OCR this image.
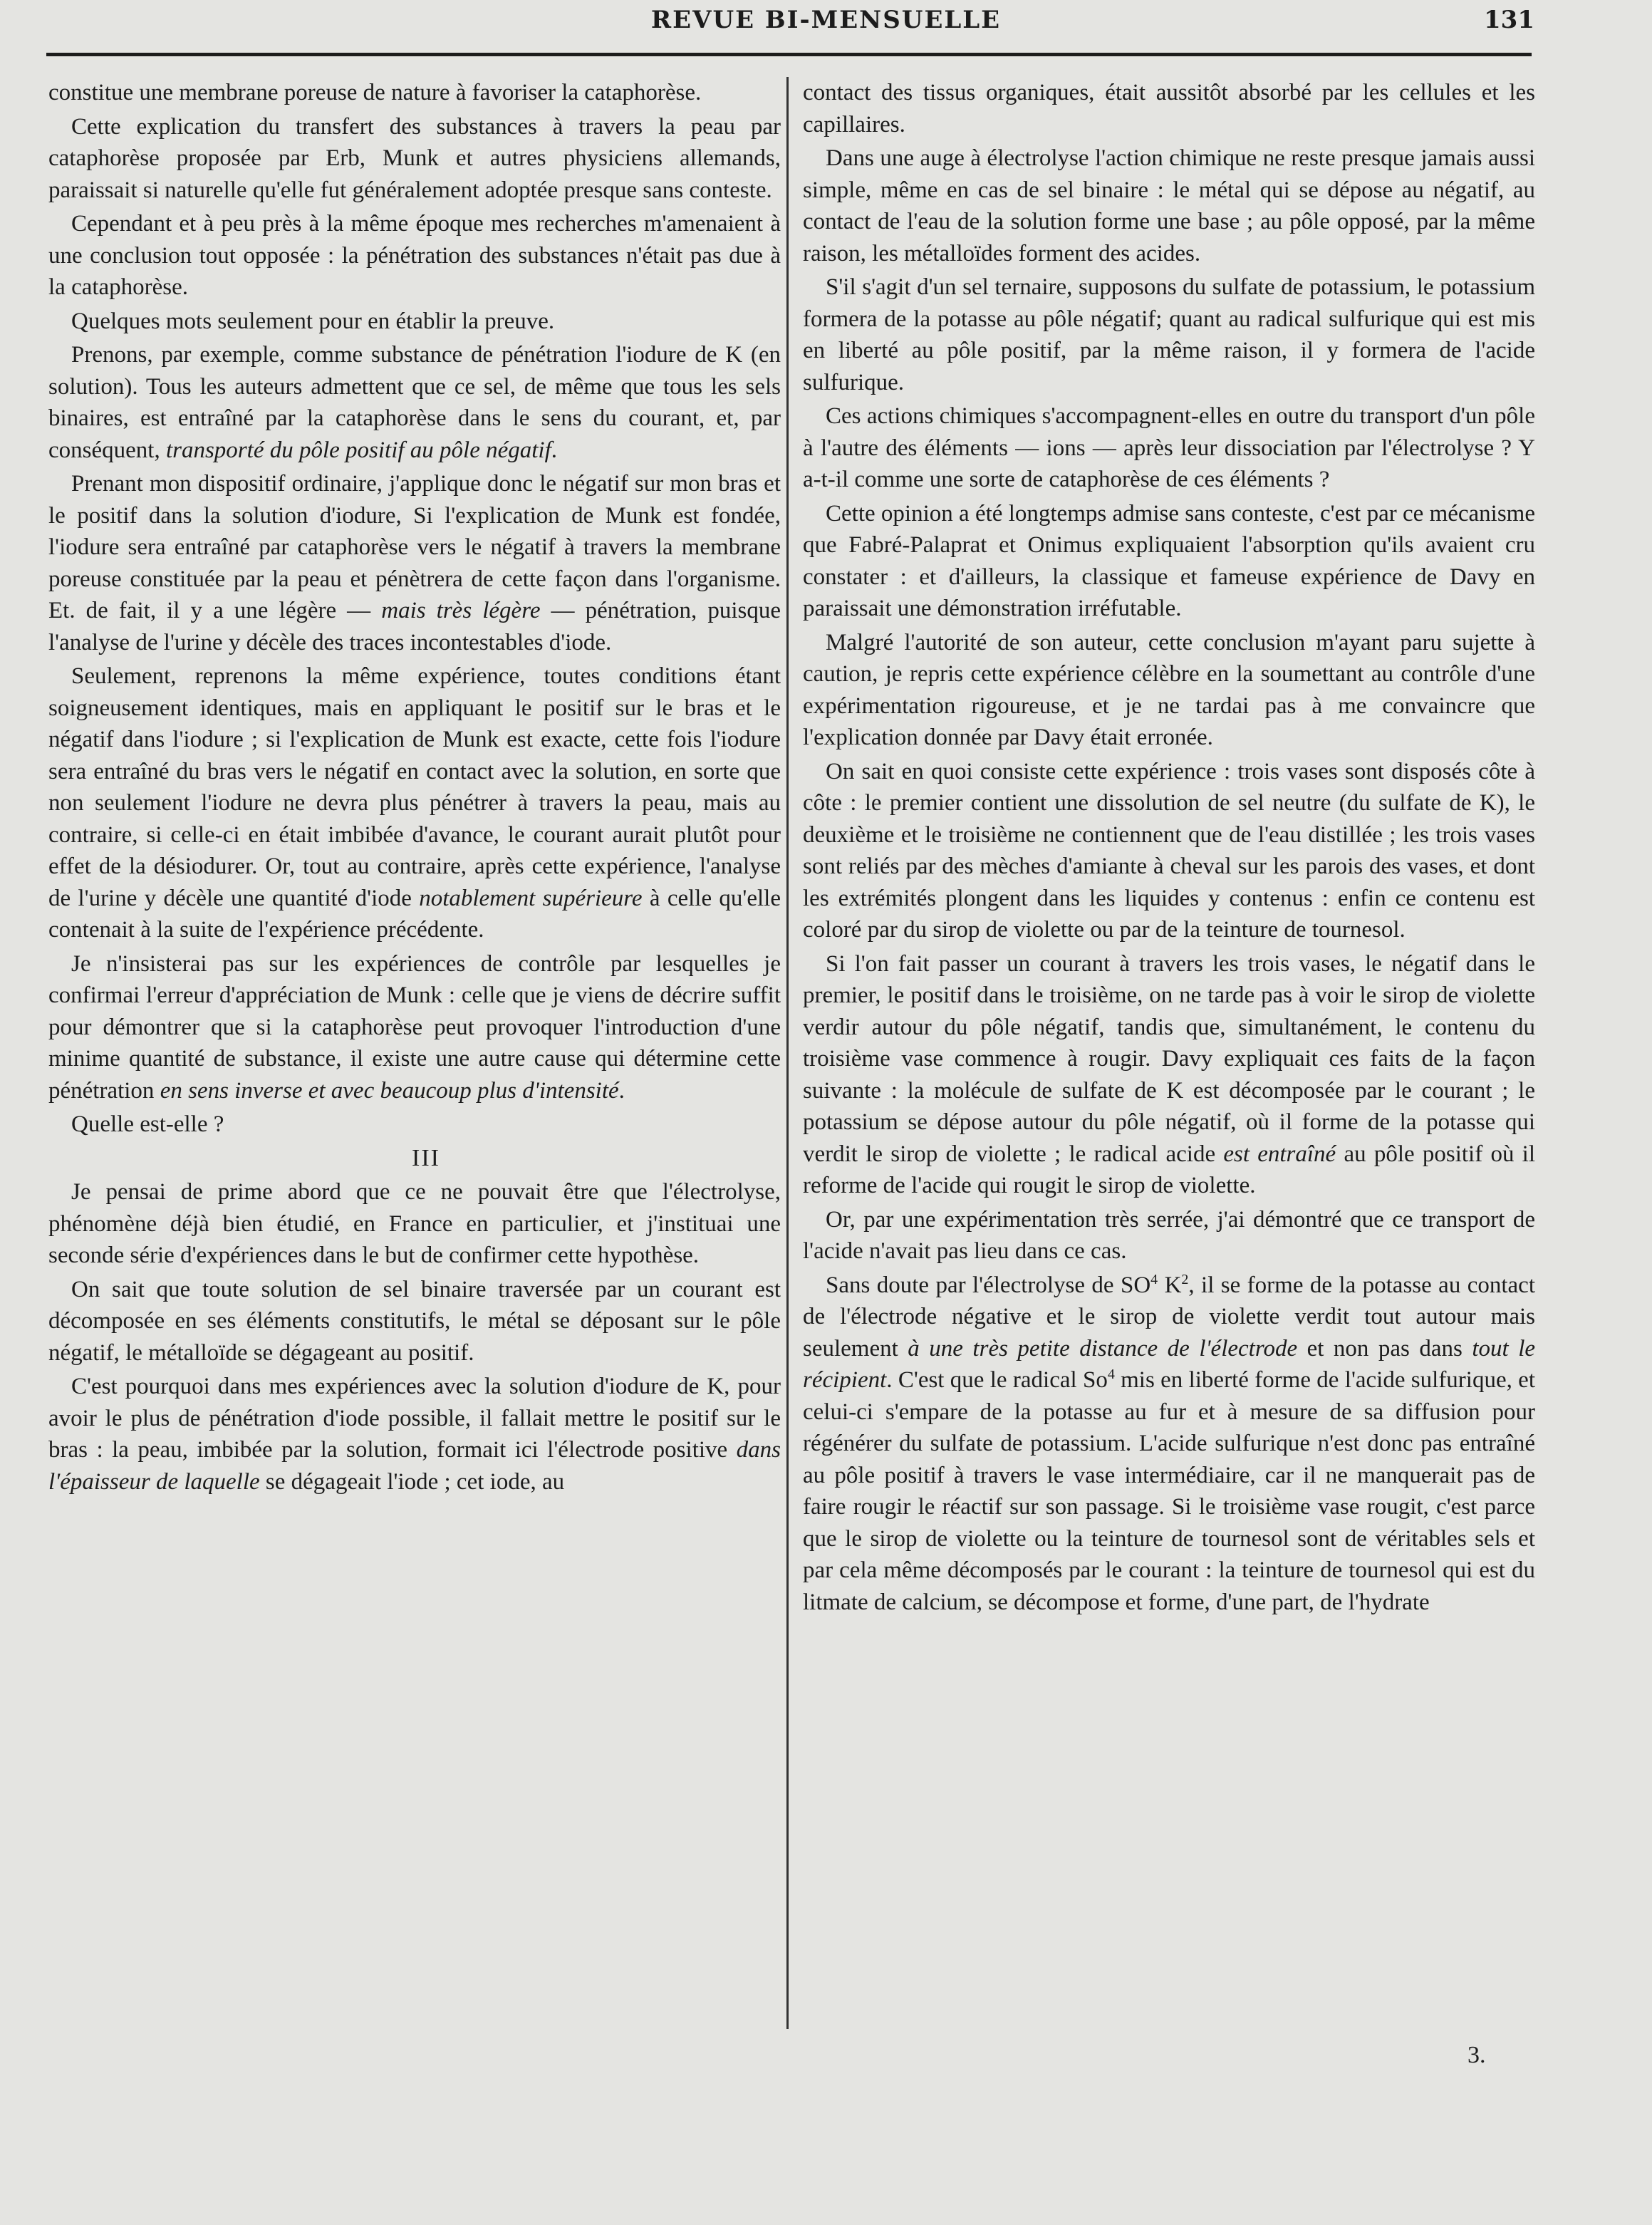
REVUE BI-MENSUELLE	131

constitue une membrane poreuse de nature à favoriser la cataphorèse.

Cette explication du transfert des substances à travers la peau par cataphorèse proposée par Erb, Munk et autres physiciens allemands, paraissait si naturelle qu'elle fut généralement adoptée presque sans conteste.

Cependant et à peu près à la même époque mes recherches m'amenaient à une conclusion tout opposée : la pénétration des substances n'était pas due à la cataphorèse.

Quelques mots seulement pour en établir la preuve.

Prenons, par exemple, comme substance de pénétration l'iodure de K (en solution). Tous les auteurs admettent que ce sel, de même que tous les sels binaires, est entraîné par la cataphorèse dans le sens du courant, et, par conséquent, transporté du pôle positif au pôle négatif.

Prenant mon dispositif ordinaire, j'applique donc le négatif sur mon bras et le positif dans la solution d'iodure, Si l'explication de Munk est fondée, l'iodure sera entraîné par cataphorèse vers le négatif à travers la membrane poreuse constituée par la peau et pénètrera de cette façon dans l'organisme. Et. de fait, il y a une légère — mais très légère — pénétration, puisque l'analyse de l'urine y décèle des traces incontestables d'iode.

Seulement, reprenons la même expérience, toutes conditions étant soigneusement identiques, mais en appliquant le positif sur le bras et le négatif dans l'iodure ; si l'explication de Munk est exacte, cette fois l'iodure sera entraîné du bras vers le négatif en contact avec la solution, en sorte que non seulement l'iodure ne devra plus pénétrer à travers la peau, mais au contraire, si celle-ci en était imbibée d'avance, le courant aurait plutôt pour effet de la désiodurer. Or, tout au contraire, après cette expérience, l'analyse de l'urine y décèle une quantité d'iode notablement supérieure à celle qu'elle contenait à la suite de l'expérience précédente.

Je n'insisterai pas sur les expériences de contrôle par lesquelles je confirmai l'erreur d'appréciation de Munk : celle que je viens de décrire suffit pour démontrer que si la cataphorèse peut provoquer l'introduction d'une minime quantité de substance, il existe une autre cause qui détermine cette pénétration en sens inverse et avec beaucoup plus d'intensité.

Quelle est-elle ?

III

Je pensai de prime abord que ce ne pouvait être que l'électrolyse, phénomène déjà bien étudié, en France en particulier, et j'instituai une seconde série d'expériences dans le but de confirmer cette hypothèse.

On sait que toute solution de sel binaire traversée par un courant est décomposée en ses éléments constitutifs, le métal se déposant sur le pôle négatif, le métalloïde se dégageant au positif.

C'est pourquoi dans mes expériences avec la solution d'iodure de K, pour avoir le plus de pénétration d'iode possible, il fallait mettre le positif sur le bras : la peau, imbibée par la solution, formait ici l'électrode positive dans l'épaisseur de laquelle se dégageait l'iode ; cet iode, au

contact des tissus organiques, était aussitôt absorbé par les cellules et les capillaires.

Dans une auge à électrolyse l'action chimique ne reste presque jamais aussi simple, même en cas de sel binaire : le métal qui se dépose au négatif, au contact de l'eau de la solution forme une base ; au pôle opposé, par la même raison, les métalloïdes forment des acides.

S'il s'agit d'un sel ternaire, supposons du sulfate de potassium, le potassium formera de la potasse au pôle négatif; quant au radical sulfurique qui est mis en liberté au pôle positif, par la même raison, il y formera de l'acide sulfurique.

Ces actions chimiques s'accompagnent-elles en outre du transport d'un pôle à l'autre des éléments — ions — après leur dissociation par l'électrolyse ? Y a-t-il comme une sorte de cataphorèse de ces éléments ?

Cette opinion a été longtemps admise sans conteste, c'est par ce mécanisme que Fabré-Palaprat et Onimus expliquaient l'absorption qu'ils avaient cru constater : et d'ailleurs, la classique et fameuse expérience de Davy en paraissait une démonstration irréfutable.

Malgré l'autorité de son auteur, cette conclusion m'ayant paru sujette à caution, je repris cette expérience célèbre en la soumettant au contrôle d'une expérimentation rigoureuse, et je ne tardai pas à me convaincre que l'explication donnée par Davy était erronée.

On sait en quoi consiste cette expérience : trois vases sont disposés côte à côte : le premier contient une dissolution de sel neutre (du sulfate de K), le deuxième et le troisième ne contiennent que de l'eau distillée ; les trois vases sont reliés par des mèches d'amiante à cheval sur les parois des vases, et dont les extrémités plongent dans les liquides y contenus : enfin ce contenu est coloré par du sirop de violette ou par de la teinture de tournesol.

Si l'on fait passer un courant à travers les trois vases, le négatif dans le premier, le positif dans le troisième, on ne tarde pas à voir le sirop de violette verdir autour du pôle négatif, tandis que, simultanément, le contenu du troisième vase commence à rougir. Davy expliquait ces faits de la façon suivante : la molécule de sulfate de K est décomposée par le courant ; le potassium se dépose autour du pôle négatif, où il forme de la potasse qui verdit le sirop de violette ; le radical acide est entraîné au pôle positif où il reforme de l'acide qui rougit le sirop de violette.

Or, par une expérimentation très serrée, j'ai démontré que ce transport de l'acide n'avait pas lieu dans ce cas.

Sans doute par l'électrolyse de $SO^4$ $K^2$, il se forme de la potasse au contact de l'électrode négative et le sirop de violette verdit tout autour mais seulement à une très petite distance de l'électrode et non pas dans tout le récipient. C'est que le radical So$^4$ mis en liberté forme de l'acide sulfurique, et celui-ci s'empare de la potasse au fur et à mesure de sa diffusion pour régénérer du sulfate de potassium. L'acide sulfurique n'est donc pas entraîné au pôle positif à travers le vase intermédiaire, car il ne manquerait pas de faire rougir le réactif sur son passage. Si le troisième vase rougit, c'est parce que le sirop de violette ou la teinture de tournesol sont de véritables sels et par cela même décomposés par le courant : la teinture de tournesol qui est du litmate de calcium, se décompose et forme, d'une part, de l'hydrate

3.
